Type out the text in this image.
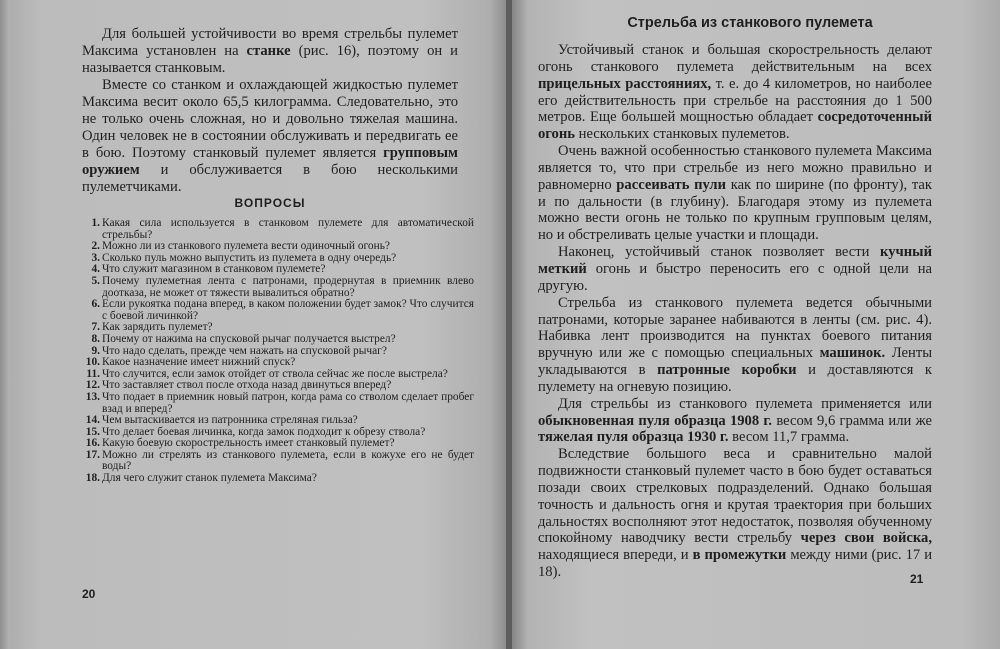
Для большей устойчивости во время стрельбы пулемет Максима установлен на станке (рис. 16), поэтому он и называется станковым.

Вместе со станком и охлаждающей жидкостью пулемет Максима весит около 65,5 килограмма. Следовательно, это не только очень сложная, но и довольно тяжелая машина. Один человек не в состоянии обслуживать и передвигать ее в бою. Поэтому станковый пулемет является групповым оружием и обслуживается в бою несколькими пулеметчиками.

ВОПРОСЫ
1. Какая сила используется в станковом пулемете для автоматической стрельбы?
2. Можно ли из станкового пулемета вести одиночный огонь?
3. Сколько пуль можно выпустить из пулемета в одну очередь?
4. Что служит магазином в станковом пулемете?
5. Почему пулеметная лента с патронами, продернутая в приемник влево доотказа, не может от тяжести вывалиться обратно?
6. Если рукоятка подана вперед, в каком положении будет замок? Что случится с боевой личинкой?
7. Как зарядить пулемет?
8. Почему от нажима на спусковой рычаг получается выстрел?
9. Что надо сделать, прежде чем нажать на спусковой рычаг?
10. Какое назначение имеет нижний спуск?
11. Что случится, если замок отойдет от ствола сейчас же после выстрела?
12. Что заставляет ствол после отхода назад двинуться вперед?
13. Что подает в приемник новый патрон, когда рама со стволом сделает пробег взад и вперед?
14. Чем вытаскивается из патронника стреляная гильза?
15. Что делает боевая личинка, когда замок подходит к обрезу ствола?
16. Какую боевую скорострельность имеет станковый пулемет?
17. Можно ли стрелять из станкового пулемета, если в кожухе его не будет воды?
18. Для чего служит станок пулемета Максима?
20
Стрельба из станкового пулемета

Устойчивый станок и большая скорострельность делают огонь станкового пулемета действительным на всех прицельных расстояниях, т. е. до 4 километров, но наиболее его действительность при стрельбе на расстояния до 1 500 метров. Еще большей мощностью обладает сосредоточенный огонь нескольких станковых пулеметов.

Очень важной особенностью станкового пулемета Максима является то, что при стрельбе из него можно правильно и равномерно рассеивать пули как по ширине (по фронту), так и по дальности (в глубину). Благодаря этому из пулемета можно вести огонь не только по крупным групповым целям, но и обстреливать целые участки и площади.

Наконец, устойчивый станок позволяет вести кучный меткий огонь и быстро переносить его с одной цели на другую.

Стрельба из станкового пулемета ведется обычными патронами, которые заранее набиваются в ленты (см. рис. 4). Набивка лент производится на пунктах боевого питания вручную или же с помощью специальных машинок. Ленты укладываются в патронные коробки и доставляются к пулемету на огневую позицию.

Для стрельбы из станкового пулемета применяется или обыкновенная пуля образца 1908 г. весом 9,6 грамма или же тяжелая пуля образца 1930 г. весом 11,7 грамма.

Вследствие большого веса и сравнительно малой подвижности станковый пулемет часто в бою будет оставаться позади своих стрелковых подразделений. Однако большая точность и дальность огня и крутая траектория при больших дальностях восполняют этот недостаток, позволяя обученному спокойному наводчику вести стрельбу через свои войска, находящиеся впереди, и в промежутки между ними (рис. 17 и 18).	21
